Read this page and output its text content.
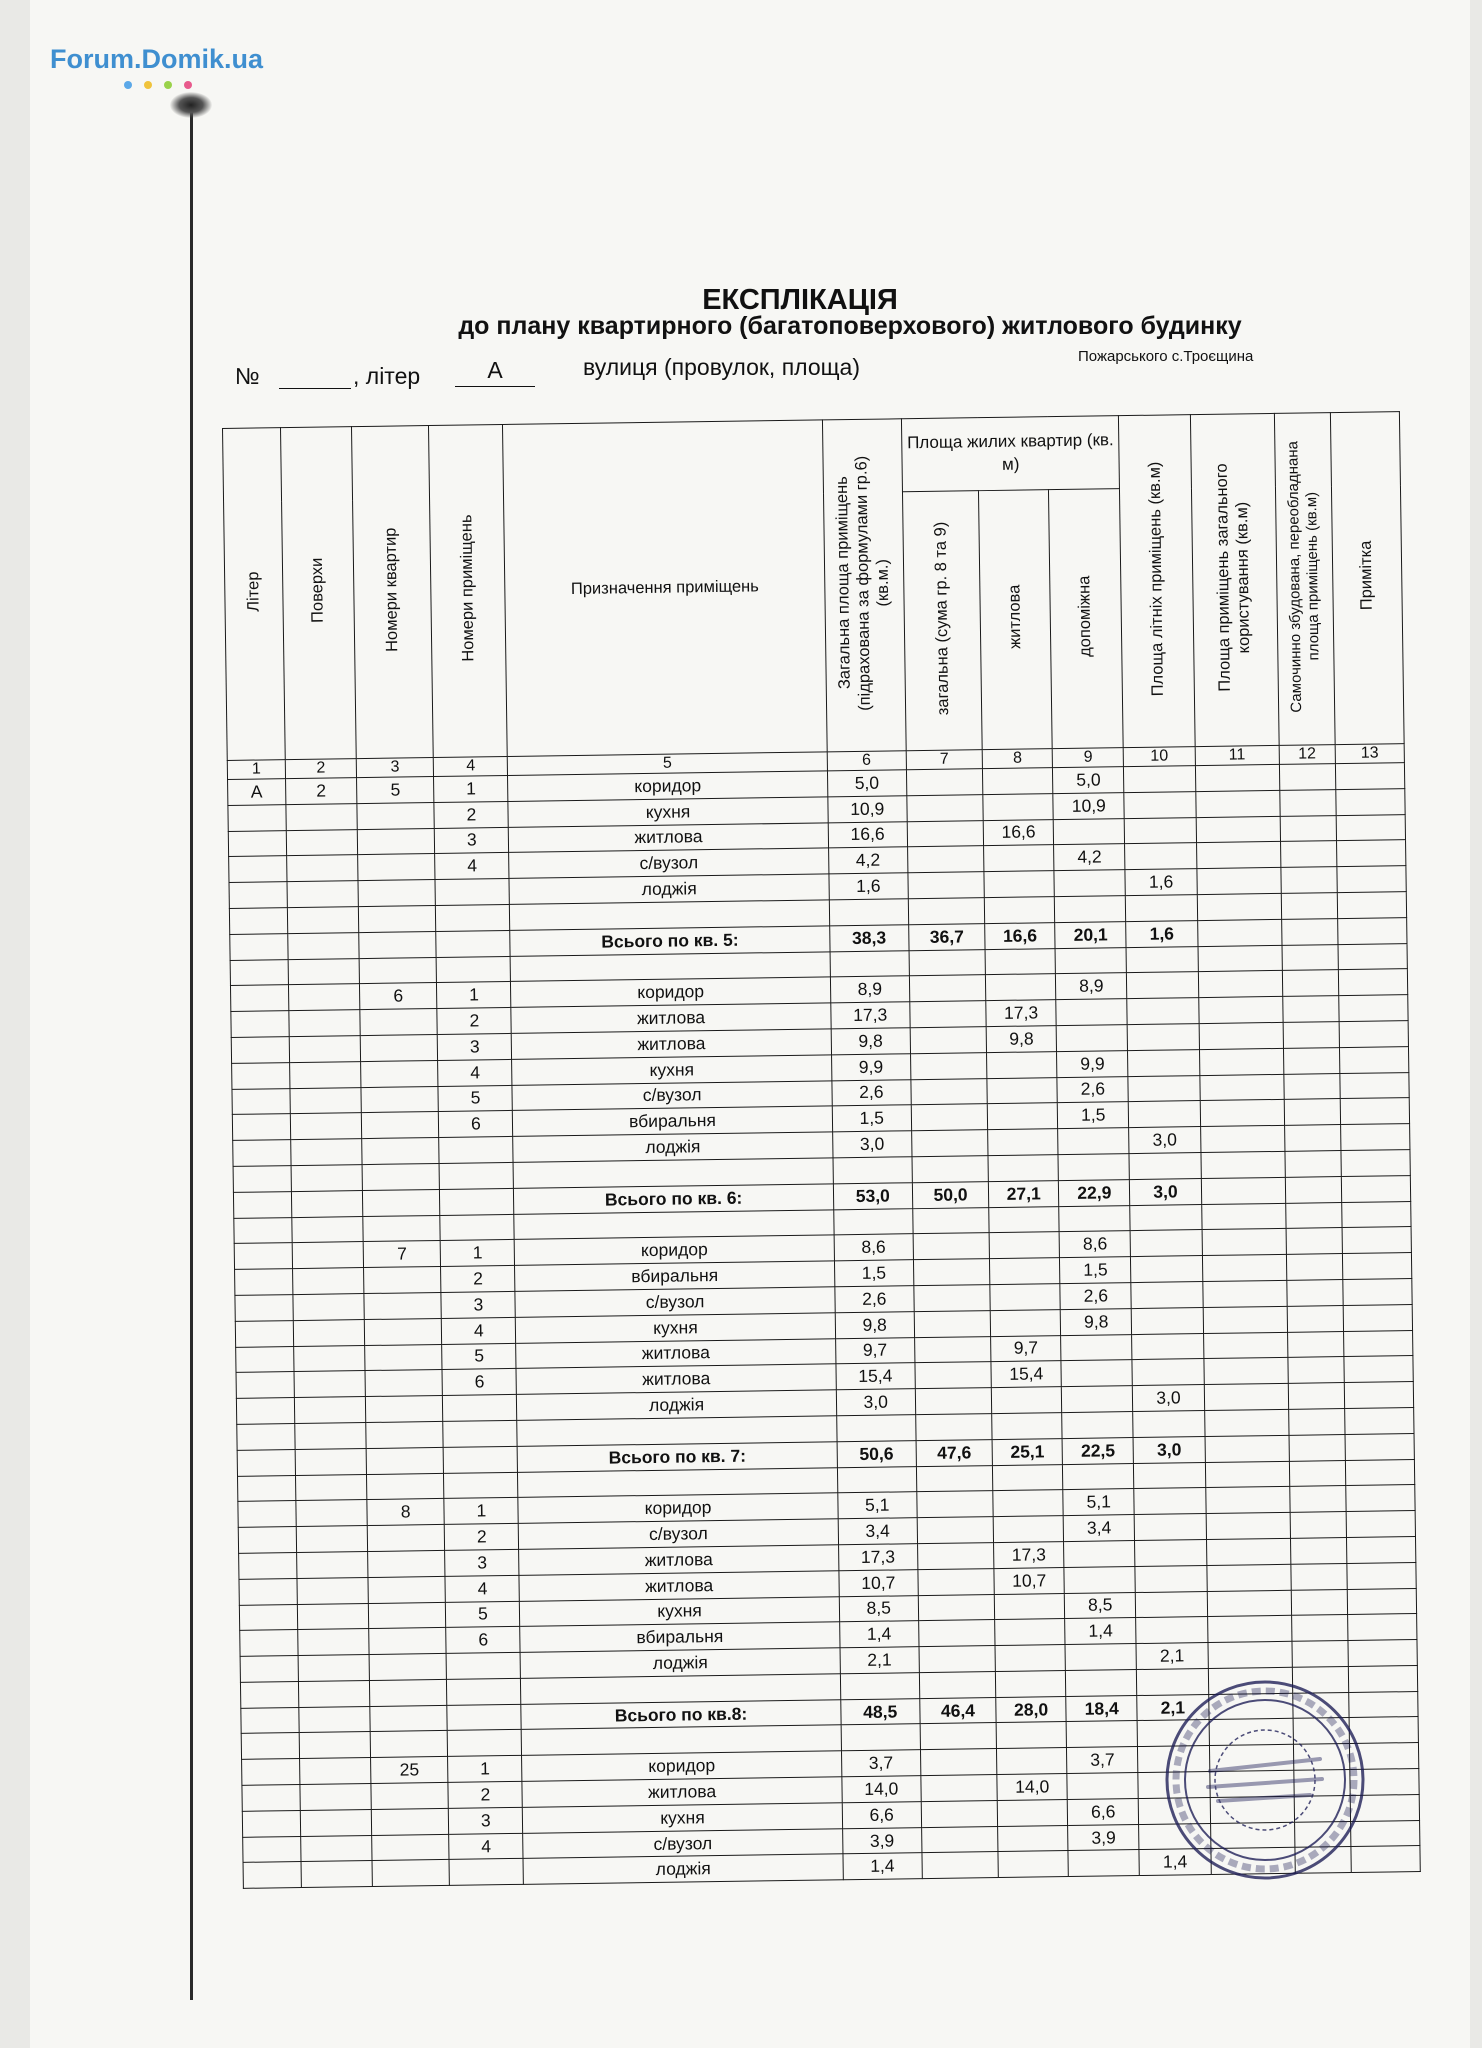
Forum.Domik.ua
ЕКСПЛІКАЦІЯ
до плану квартирного (багатоповерхового) житлового будинку
№	, літер	А	вулиця (провулок, площа)	Пожарського с.Троєщина
Літер	Поверхи	Номери квартир	Номери приміщень	Призначення приміщень	Загальна площа приміщень (підрахована за формулами гр.6) (кв.м.)	Площа жилих квартир (кв. м)			Площа літніх приміщень (кв.м)	Площа приміщень загального користування (кв.м)	Самочинно збудована, переобладнана площа приміщень (кв.м)	Примітка
						загальна (сума гр. 8 та 9)	житлова	допоміжна				
1	2	3	4	5	6	7	8	9	10	11	12	13
А	2	5	1	коридор	5,0			5,0				
			2	кухня	10,9			10,9				
			3	житлова	16,6		16,6					
			4	с/вузол	4,2			4,2				
				лоджія	1,6				1,6			

				Всього по кв. 5:	38,3	36,7	16,6	20,1	1,6			

		6	1	коридор	8,9			8,9				
			2	житлова	17,3		17,3					
			3	житлова	9,8		9,8					
			4	кухня	9,9			9,9				
			5	с/вузол	2,6			2,6				
			6	вбиральня	1,5			1,5				
				лоджія	3,0				3,0			

				Всього по кв. 6:	53,0	50,0	27,1	22,9	3,0			

		7	1	коридор	8,6			8,6				
			2	вбиральня	1,5			1,5				
			3	с/вузол	2,6			2,6				
			4	кухня	9,8			9,8				
			5	житлова	9,7		9,7					
			6	житлова	15,4		15,4					
				лоджія	3,0				3,0			

				Всього по кв. 7:	50,6	47,6	25,1	22,5	3,0			

		8	1	коридор	5,1			5,1				
			2	с/вузол	3,4			3,4				
			3	житлова	17,3		17,3					
			4	житлова	10,7		10,7					
			5	кухня	8,5			8,5				
			6	вбиральня	1,4			1,4				
				лоджія	2,1				2,1			

				Всього по кв.8:	48,5	46,4	28,0	18,4	2,1			

		25	1	коридор	3,7			3,7				
			2	житлова	14,0		14,0					
			3	кухня	6,6			6,6				
			4	с/вузол	3,9			3,9				
				лоджія	1,4				1,4			
